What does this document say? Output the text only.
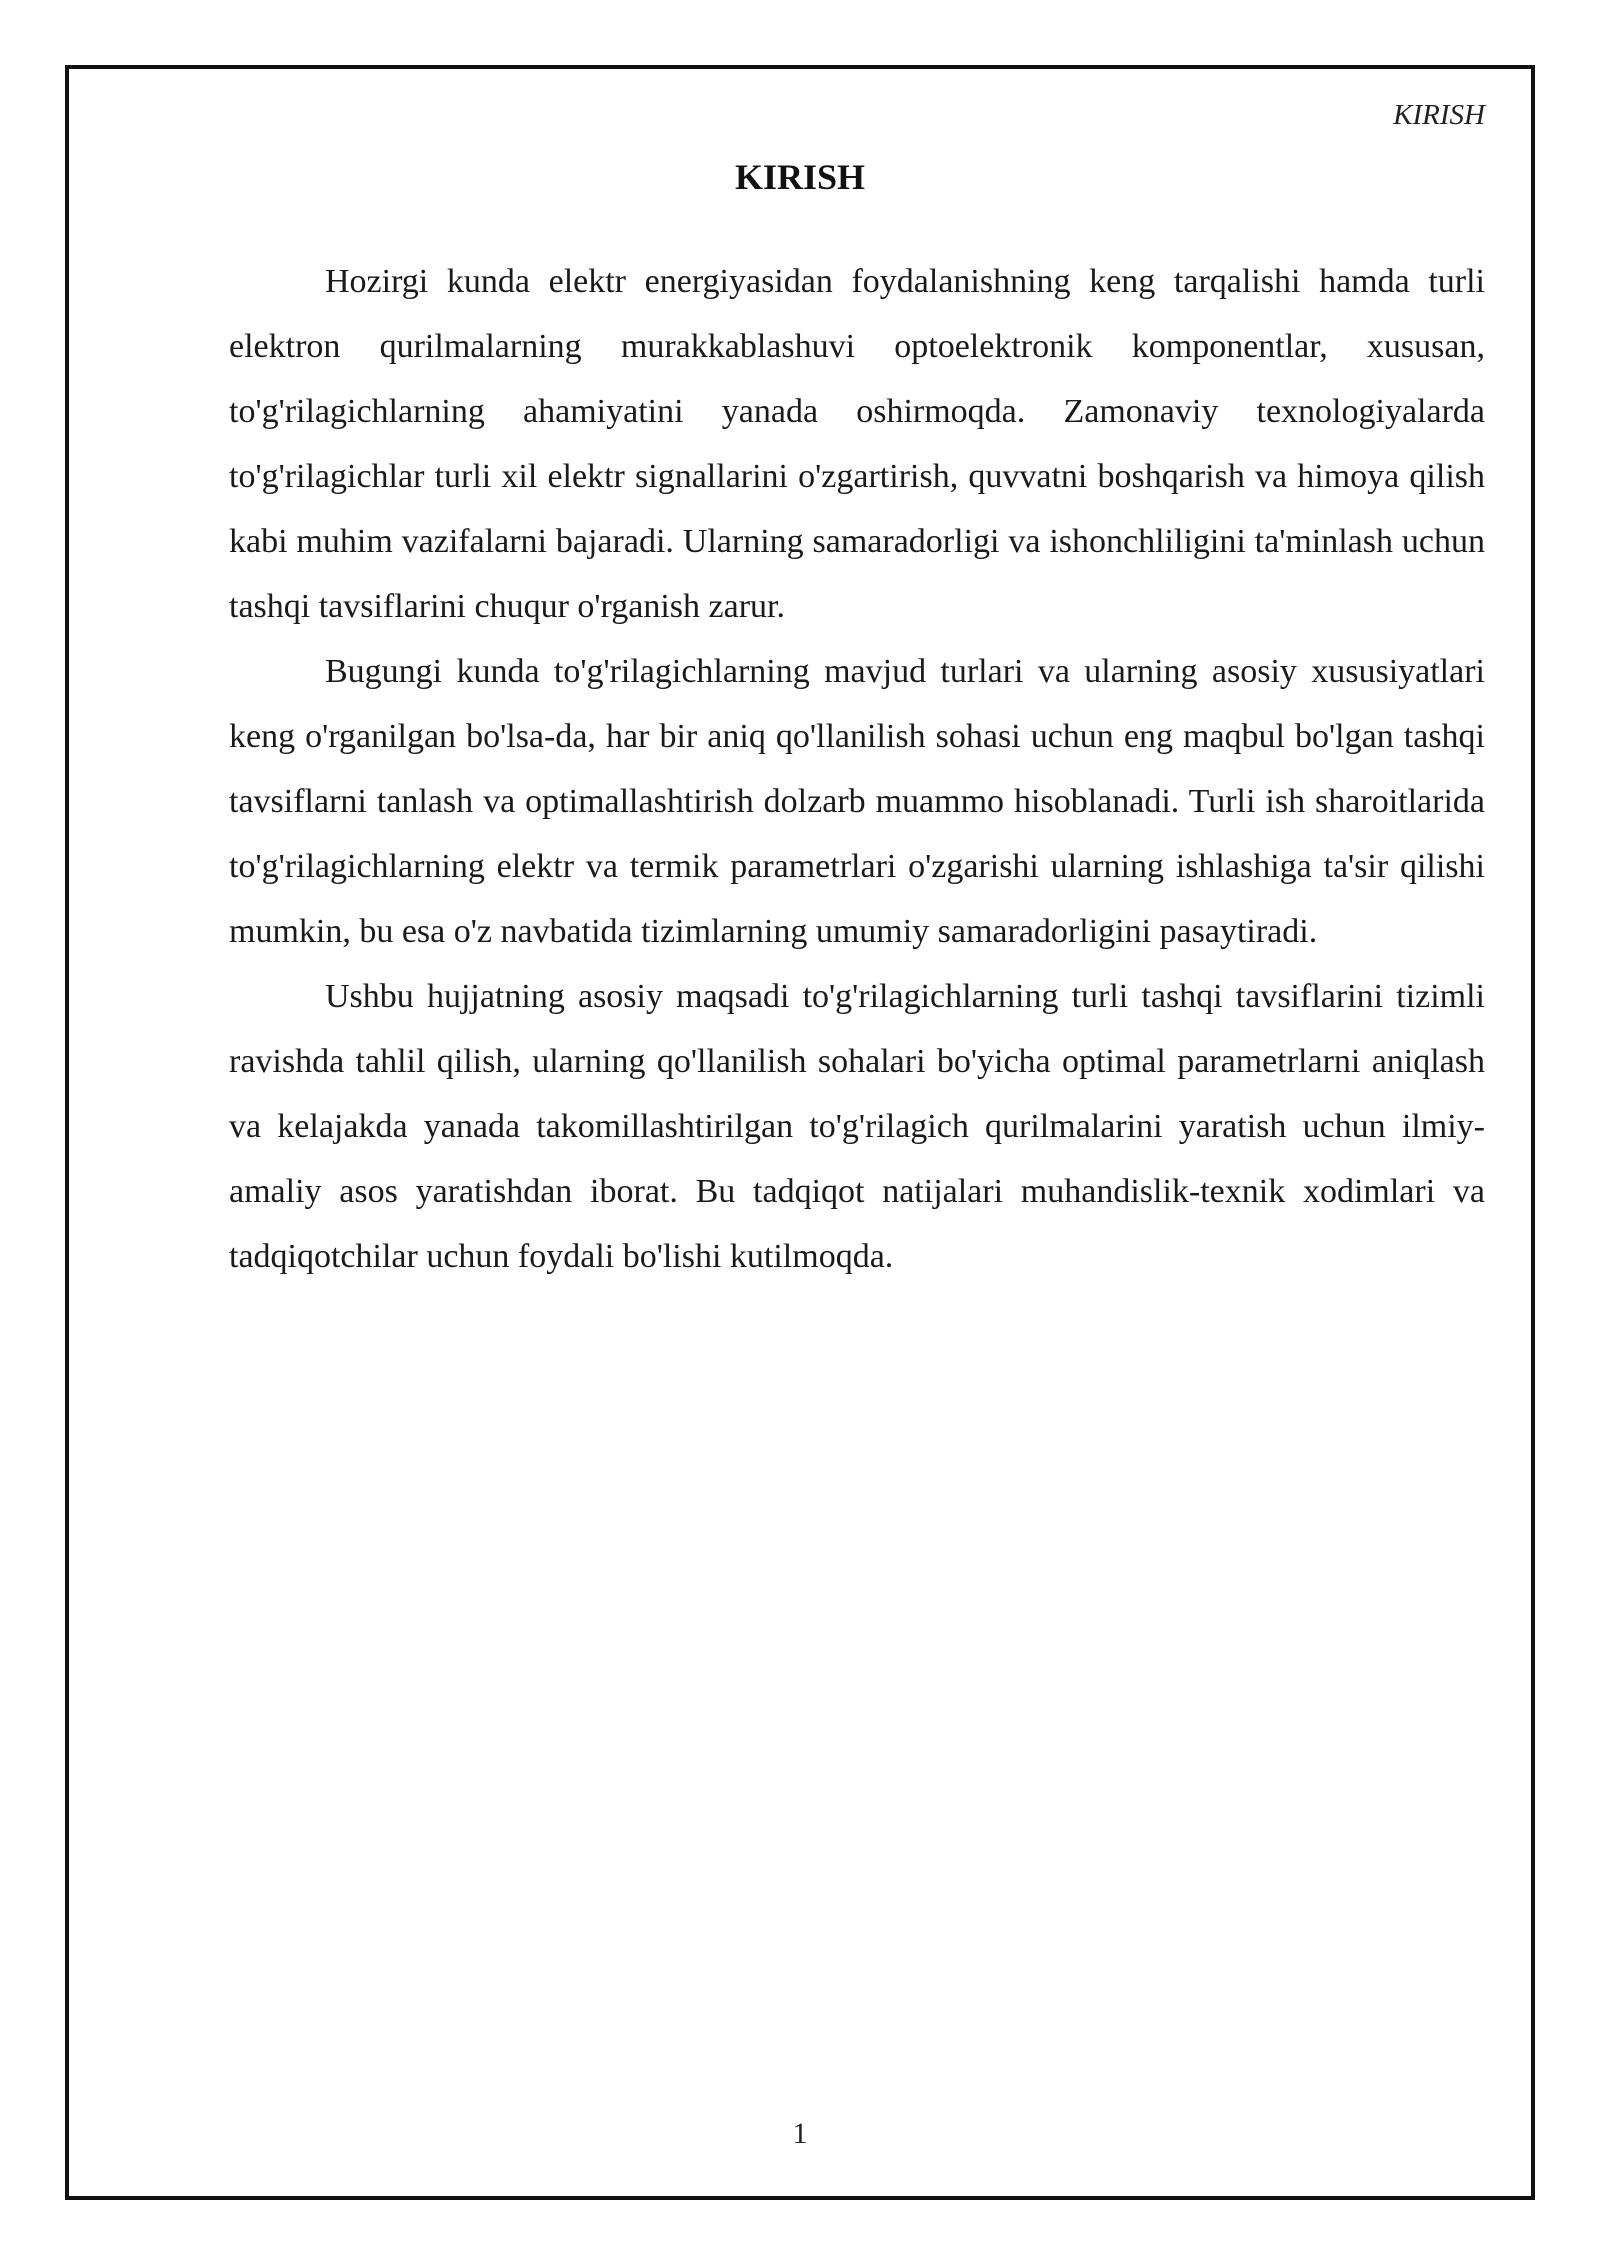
KIRISH
KIRISH

Hozirgi kunda elektr energiyasidan foydalanishning keng tarqalishi hamda turli elektron qurilmalarning murakkablashuvi optoelektronik komponentlar, xususan, to'g'rilagichlarning ahamiyatini yanada oshirmoqda. Zamonaviy texnologiyalarda to'g'rilagichlar turli xil elektr signallarini o'zgartirish, quvvatni boshqarish va himoya qilish kabi muhim vazifalarni bajaradi. Ularning samaradorligi va ishonchliligini ta'minlash uchun tashqi tavsiflarini chuqur o'rganish zarur.

Bugungi kunda to'g'rilagichlarning mavjud turlari va ularning asosiy xususiyatlari keng o'rganilgan bo'lsa-da, har bir aniq qo'llanilish sohasi uchun eng maqbul bo'lgan tashqi tavsiflarni tanlash va optimallashtirish dolzarb muammo hisoblanadi. Turli ish sharoitlarida to'g'rilagichlarning elektr va termik parametrlari o'zgarishi ularning ishlashiga ta'sir qilishi mumkin, bu esa o'z navbatida tizimlarning umumiy samaradorligini pasaytiradi.

Ushbu hujjatning asosiy maqsadi to'g'rilagichlarning turli tashqi tavsiflarini tizimli ravishda tahlil qilish, ularning qo'llanilish sohalari bo'yicha optimal parametrlarni aniqlash va kelajakda yanada takomillashtirilgan to'g'rilagich qurilmalarini yaratish uchun ilmiy-amaliy asos yaratishdan iborat. Bu tadqiqot natijalari muhandislik-texnik xodimlari va tadqiqotchilar uchun foydali bo'lishi kutilmoqda.

1
